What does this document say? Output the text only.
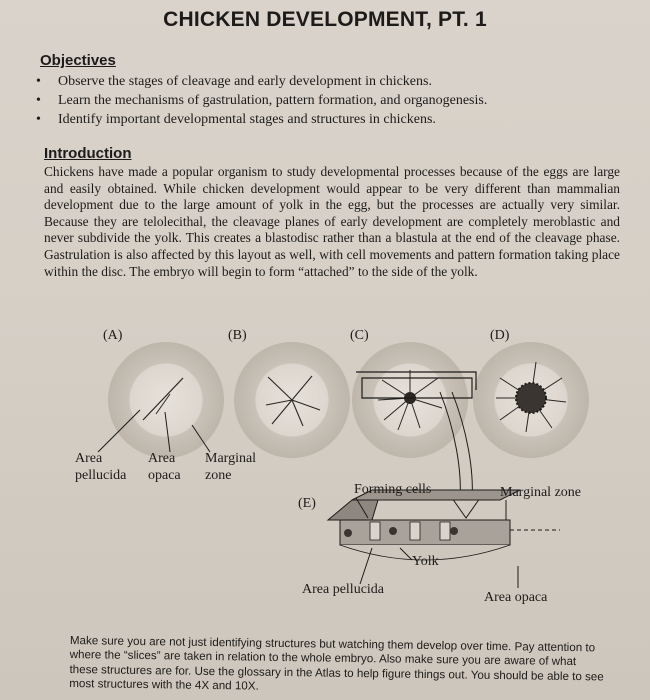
CHICKEN DEVELOPMENT, PT. 1
Objectives
• Observe the stages of cleavage and early development in chickens.
• Learn the mechanisms of gastrulation, pattern formation, and organogenesis.
• Identify important developmental stages and structures in chickens.
Introduction
Chickens have made a popular organism to study developmental processes because of the eggs are large and easily obtained. While chicken development would appear to be very different than mammalian development due to the large amount of yolk in the egg, but the processes are actually very similar. Because they are telolecithal, the cleavage planes of early development are completely meroblastic and never subdivide the yolk. This creates a blastodisc rather than a blastula at the end of the cleavage phase. Gastrulation is also affected by this layout as well, with cell movements and pattern formation taking place within the disc. The embryo will begin to form “attached” to the side of the yolk.
(A)	(B)	(C)	(D)
(E)
Area
pellucida
Area
opaca
Marginal
zone
Forming cells	Marginal zone
Yolk
Area pellucida
Area opaca
Make sure you are not just identifying structures but watching them develop over time. Pay attention to where the “slices” are taken in relation to the whole embryo. Also make sure you are aware of what these structures are for. Use the glossary in the Atlas to help figure things out. You should be able to see most structures with the 4X and 10X.
